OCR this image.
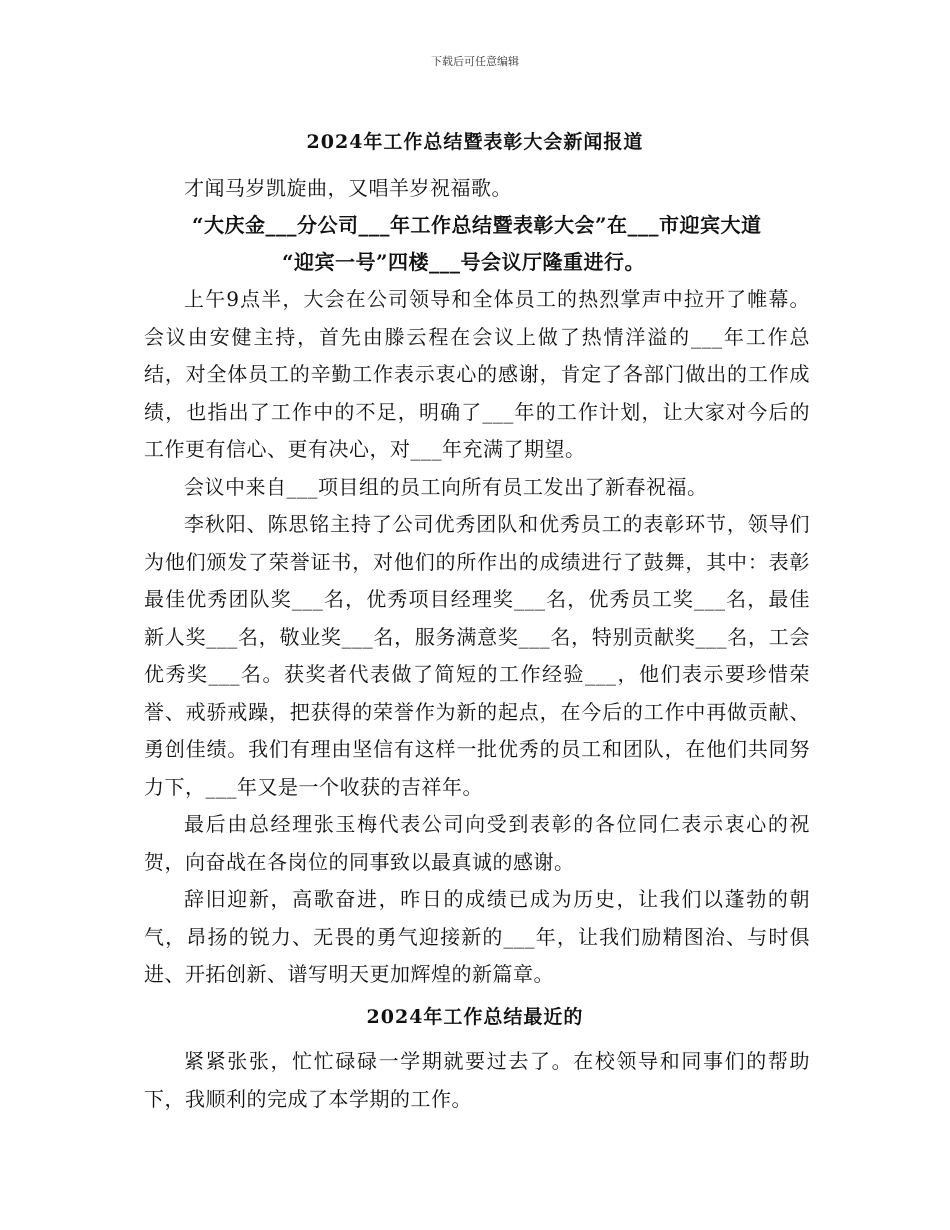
下载后可任意编辑
2024年工作总结暨表彰大会新闻报道

才闻马岁凯旋曲，又唱羊岁祝福歌。

“大庆金___分公司___年工作总结暨表彰大会”在___市迎宾大道

“迎宾一号”四楼___号会议厅隆重进行。

上午9点半，大会在公司领导和全体员工的热烈掌声中拉开了帷幕。会议由安健主持，首先由滕云程在会议上做了热情洋溢的___年工作总结，对全体员工的辛勤工作表示衷心的感谢，肯定了各部门做出的工作成绩，也指出了工作中的不足，明确了___年的工作计划，让大家对今后的工作更有信心、更有决心，对___年充满了期望。

会议中来自___项目组的员工向所有员工发出了新春祝福。

李秋阳、陈思铭主持了公司优秀团队和优秀员工的表彰环节，领导们为他们颁发了荣誉证书，对他们的所作出的成绩进行了鼓舞，其中：表彰最佳优秀团队奖___名，优秀项目经理奖___名，优秀员工奖___名，最佳新人奖___名，敬业奖___名，服务满意奖___名，特别贡献奖___名，工会优秀奖___名。获奖者代表做了简短的工作经验___，他们表示要珍惜荣誉、戒骄戒躁，把获得的荣誉作为新的起点，在今后的工作中再做贡献、勇创佳绩。我们有理由坚信有这样一批优秀的员工和团队，在他们共同努力下，___年又是一个收获的吉祥年。

最后由总经理张玉梅代表公司向受到表彰的各位同仁表示衷心的祝贺，向奋战在各岗位的同事致以最真诚的感谢。

辞旧迎新，高歌奋进，昨日的成绩已成为历史，让我们以蓬勃的朝气，昂扬的锐力、无畏的勇气迎接新的___年，让我们励精图治、与时俱进、开拓创新、谱写明天更加辉煌的新篇章。

2024年工作总结最近的

紧紧张张，忙忙碌碌一学期就要过去了。在校领导和同事们的帮助下，我顺利的完成了本学期的工作。
